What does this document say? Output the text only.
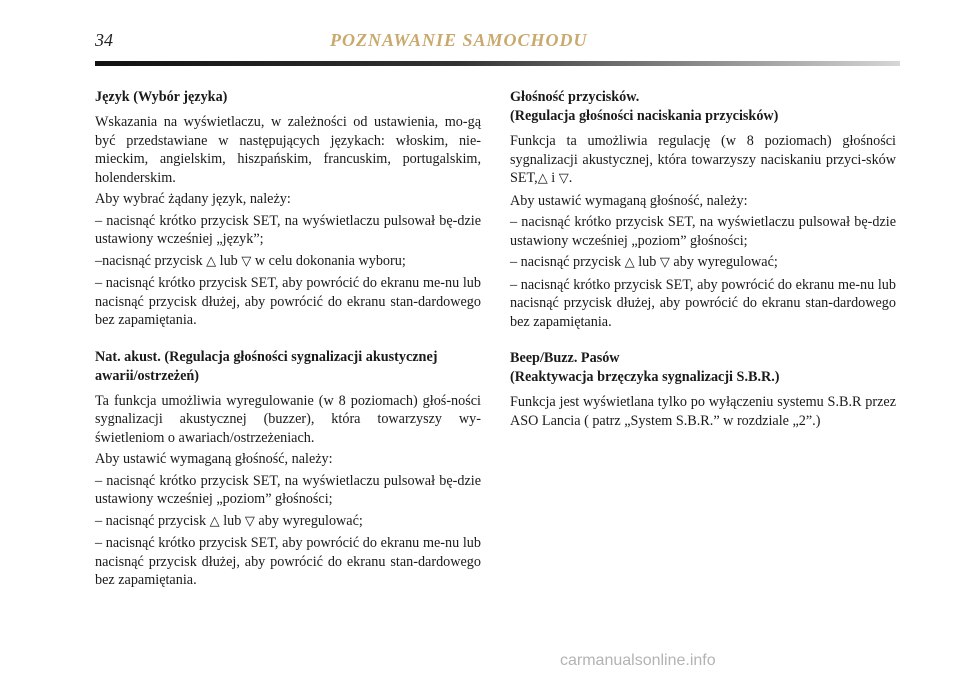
34	POZNAWANIE SAMOCHODU
Język (Wybór języka)

Wskazania na wyświetlaczu, w zależności od ustawienia, mo-gą być przedstawiane w następujących językach: włoskim, nie-mieckim, angielskim, hiszpańskim, francuskim, portugalskim, holenderskim.

Aby wybrać żądany język, należy:

– nacisnąć krótko przycisk SET, na wyświetlaczu pulsował bę-dzie ustawiony wcześniej „język”;

–nacisnąć przycisk △ lub ▽ w celu dokonania wyboru;

– nacisnąć krótko przycisk SET, aby powrócić do ekranu me-nu lub nacisnąć przycisk dłużej, aby powrócić do ekranu stan-dardowego bez zapamiętania.

Nat. akust. (Regulacja głośności sygnalizacji akustycznej awarii/ostrzeżeń)

Ta funkcja umożliwia wyregulowanie (w 8 poziomach) głoś-ności sygnalizacji akustycznej (buzzer), która towarzyszy wy-świetleniom o awariach/ostrzeżeniach.

Aby ustawić wymaganą głośność, należy:

– nacisnąć krótko przycisk SET, na wyświetlaczu pulsował bę-dzie ustawiony wcześniej „poziom” głośności;

– nacisnąć przycisk △ lub ▽ aby wyregulować;

– nacisnąć krótko przycisk SET, aby powrócić do ekranu me-nu lub nacisnąć przycisk dłużej, aby powrócić do ekranu stan-dardowego bez zapamiętania.

Głośność przycisków.
(Regulacja głośności naciskania przycisków)

Funkcja ta umożliwia regulację (w 8 poziomach) głośności sygnalizacji akustycznej, która towarzyszy naciskaniu przyci-sków SET,△ i ▽.

Aby ustawić wymaganą głośność, należy:

– nacisnąć krótko przycisk SET, na wyświetlaczu pulsował bę-dzie ustawiony wcześniej „poziom” głośności;

– nacisnąć przycisk △ lub ▽ aby wyregulować;

– nacisnąć krótko przycisk SET, aby powrócić do ekranu me-nu lub nacisnąć przycisk dłużej, aby powrócić do ekranu stan-dardowego bez zapamiętania.

Beep/Buzz. Pasów
(Reaktywacja brzęczyka sygnalizacji S.B.R.)

Funkcja jest wyświetlana tylko po wyłączeniu systemu S.B.R przez ASO Lancia ( patrz „System S.B.R.” w rozdziale „2”.)

carmanualsonline.info
